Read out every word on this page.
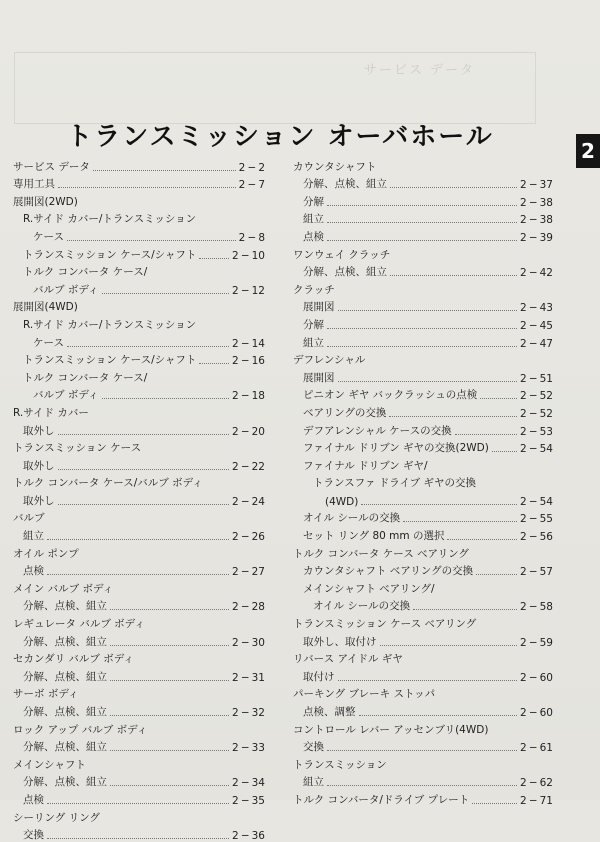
サービス データ
トランスミッション オーバホール	2
サービス データ	2 ─ 2
専用工具	2 ─ 7
展開図(2WD)
R.サイド カバー/トランスミッション
ケース	2 ─ 8
トランスミッション ケース/シャフト	2 ─ 10
トルク コンバータ ケース/
バルブ ボディ	2 ─ 12
展開図(4WD)
R.サイド カバー/トランスミッション
ケース	2 ─ 14
トランスミッション ケース/シャフト	2 ─ 16
トルク コンバータ ケース/
バルブ ボディ	2 ─ 18
R.サイド カバー
取外し	2 ─ 20
トランスミッション ケース
取外し	2 ─ 22
トルク コンバータ ケース/バルブ ボディ
取外し	2 ─ 24
バルブ
組立	2 ─ 26
オイル ポンプ
点検	2 ─ 27
メイン バルブ ボディ
分解、点検、組立	2 ─ 28
レギュレータ バルブ ボディ
分解、点検、組立	2 ─ 30
セカンダリ バルブ ボディ
分解、点検、組立	2 ─ 31
サーボ ボディ
分解、点検、組立	2 ─ 32
ロック アップ バルブ ボディ
分解、点検、組立	2 ─ 33
メインシャフト
分解、点検、組立	2 ─ 34
点検	2 ─ 35
シーリング リング
交換	2 ─ 36
カウンタシャフト
分解、点検、組立	2 ─ 37
分解	2 ─ 38
組立	2 ─ 38
点検	2 ─ 39
ワンウェイ クラッチ
分解、点検、組立	2 ─ 42
クラッチ
展開図	2 ─ 43
分解	2 ─ 45
組立	2 ─ 47
デフレンシャル
展開図	2 ─ 51
ピニオン ギヤ バックラッシュの点検	2 ─ 52
ベアリングの交換	2 ─ 52
デフアレンシャル ケースの交換	2 ─ 53
ファイナル ドリブン ギヤの交換(2WD)	2 ─ 54
ファイナル ドリブン ギヤ/
トランスファ ドライブ ギヤの交換
(4WD)	2 ─ 54
オイル シールの交換	2 ─ 55
セット リング 80 mm の選択	2 ─ 56
トルク コンバータ ケース ベアリング
カウンタシャフト ベアリングの交換	2 ─ 57
メインシャフト ベアリング/
オイル シールの交換	2 ─ 58
トランスミッション ケース ベアリング
取外し、取付け	2 ─ 59
リバース アイドル ギヤ
取付け	2 ─ 60
パーキング ブレーキ ストッパ
点検、調整	2 ─ 60
コントロール レバー アッセンブリ(4WD)
交換	2 ─ 61
トランスミッション
組立	2 ─ 62
トルク コンバータ/ドライブ プレート	2 ─ 71
